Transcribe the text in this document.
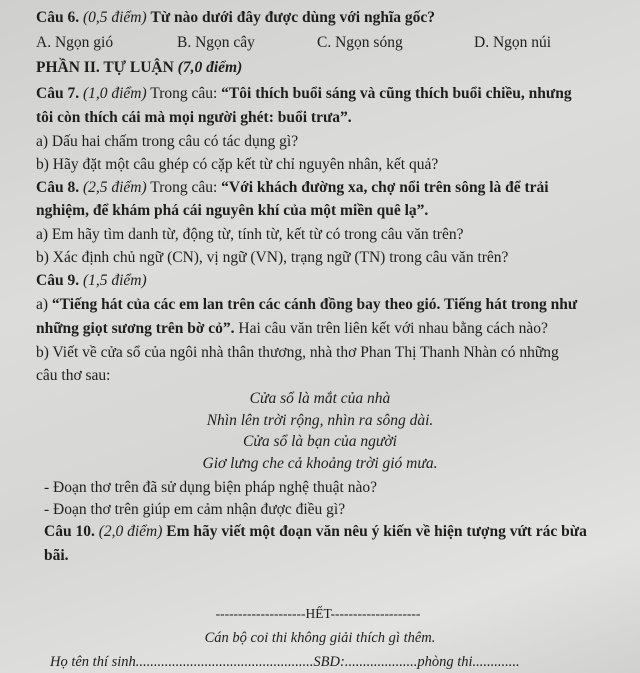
Câu 6. (0,5 điểm) Từ nào dưới đây được dùng với nghĩa gốc?
A. Ngọn gió	B. Ngọn cây	C. Ngọn sóng	D. Ngọn núi
PHẦN II. TỰ LUẬN (7,0 điểm)
Câu 7. (1,0 điểm) Trong câu: “Tôi thích buổi sáng và cũng thích buổi chiều, nhưng
tôi còn thích cái mà mọi người ghét: buổi trưa”.
a) Dấu hai chấm trong câu có tác dụng gì?
b) Hãy đặt một câu ghép có cặp kết từ chỉ nguyên nhân, kết quả?
Câu 8. (2,5 điểm) Trong câu: “Với khách đường xa, chợ nổi trên sông là để trải
nghiệm, để khám phá cái nguyên khí của một miền quê lạ”.
a) Em hãy tìm danh từ, động từ, tính từ, kết từ có trong câu văn trên?
b) Xác định chủ ngữ (CN), vị ngữ (VN), trạng ngữ (TN) trong câu văn trên?
Câu 9. (1,5 điểm)
a) “Tiếng hát của các em lan trên các cánh đồng bay theo gió. Tiếng hát trong như
những giọt sương trên bờ cỏ”. Hai câu văn trên liên kết với nhau bằng cách nào?
b) Viết về cửa sổ của ngôi nhà thân thương, nhà thơ Phan Thị Thanh Nhàn có những
câu thơ sau:
Cửa sổ là mắt của nhà
Nhìn lên trời rộng, nhìn ra sông dài.
Cửa sổ là bạn của người
Giơ lưng che cả khoảng trời gió mưa.
- Đoạn thơ trên đã sử dụng biện pháp nghệ thuật nào?
- Đoạn thơ trên giúp em cảm nhận được điều gì?
Câu 10. (2,0 điểm) Em hãy viết một đoạn văn nêu ý kiến về hiện tượng vứt rác bừa
bãi.
--------------------HẾT--------------------
Cán bộ coi thi không giải thích gì thêm.
Họ tên thí sinh.................................................SBD:....................phòng thi.............
